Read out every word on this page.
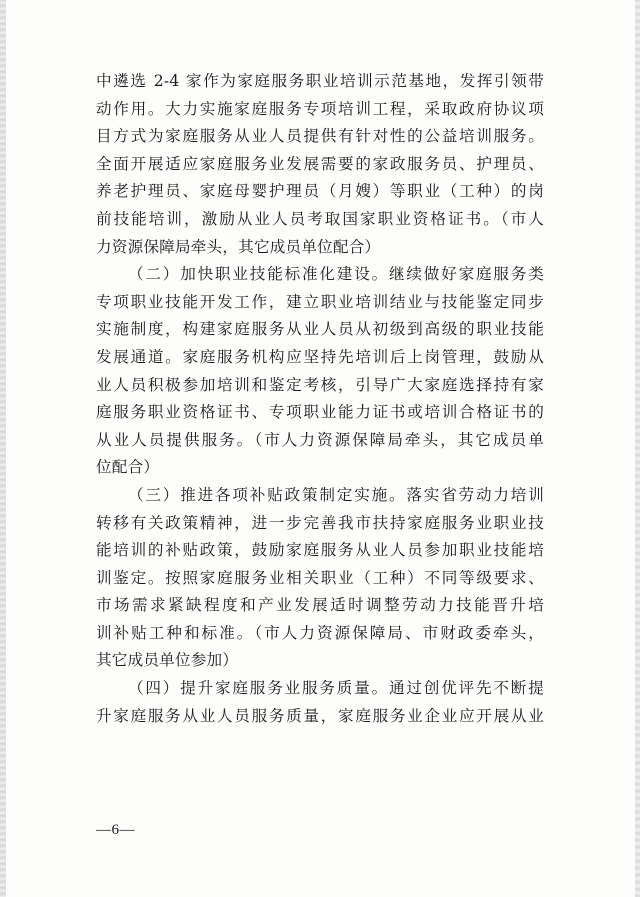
中遴选 2-4 家作为家庭服务职业培训示范基地，发挥引领带
动作用。大力实施家庭服务专项培训工程，采取政府协议项
目方式为家庭服务从业人员提供有针对性的公益培训服务。
全面开展适应家庭服务业发展需要的家政服务员、护理员、
养老护理员、家庭母婴护理员（月嫂）等职业（工种）的岗
前技能培训，激励从业人员考取国家职业资格证书。（市人
力资源保障局牵头，其它成员单位配合）
（二）加快职业技能标准化建设。继续做好家庭服务类
专项职业技能开发工作，建立职业培训结业与技能鉴定同步
实施制度，构建家庭服务从业人员从初级到高级的职业技能
发展通道。家庭服务机构应坚持先培训后上岗管理，鼓励从
业人员积极参加培训和鉴定考核，引导广大家庭选择持有家
庭服务职业资格证书、专项职业能力证书或培训合格证书的
从业人员提供服务。（市人力资源保障局牵头，其它成员单
位配合）
（三）推进各项补贴政策制定实施。落实省劳动力培训
转移有关政策精神，进一步完善我市扶持家庭服务业职业技
能培训的补贴政策，鼓励家庭服务从业人员参加职业技能培
训鉴定。按照家庭服务业相关职业（工种）不同等级要求、
市场需求紧缺程度和产业发展适时调整劳动力技能晋升培
训补贴工种和标准。（市人力资源保障局、市财政委牵头，
其它成员单位参加）
（四）提升家庭服务业服务质量。通过创优评先不断提
升家庭服务从业人员服务质量，家庭服务业企业应开展从业
—6—
